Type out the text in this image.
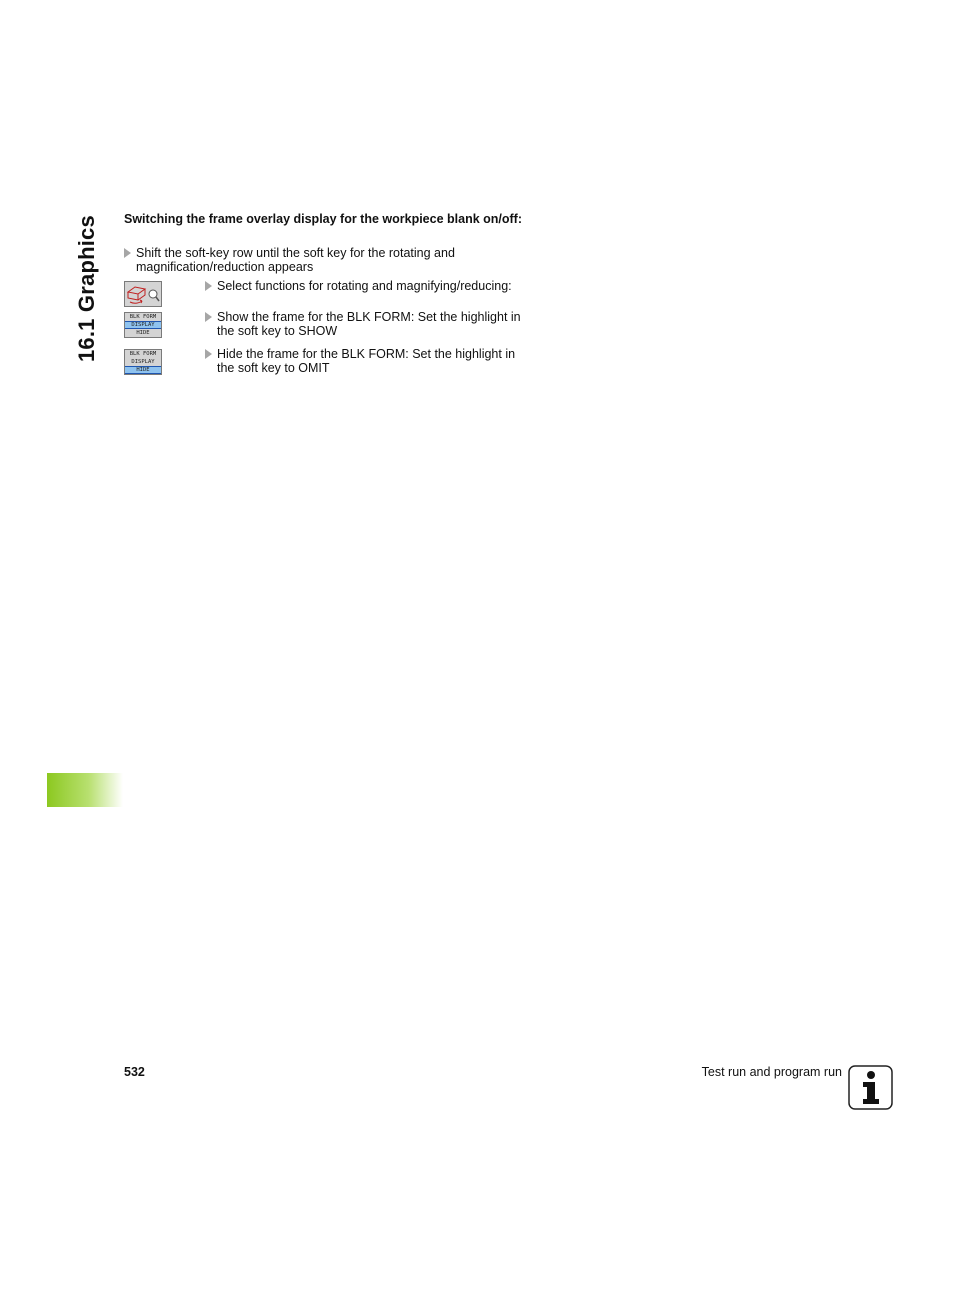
16.1 Graphics Switching the frame overlay display for the workpiece blank on/off:
Shift the soft-key row until the soft key for the rotating and magnification/reduction appears
Select functions for rotating and magnifying/reducing:
BLK FORM
DISPLAY
HIDE
Show the frame for the BLK FORM: Set the highlight in the soft key to SHOW
BLK FORM
DISPLAY
HIDE
Hide the frame for the BLK FORM: Set the highlight in the soft key to OMIT
532	Test run and program run
